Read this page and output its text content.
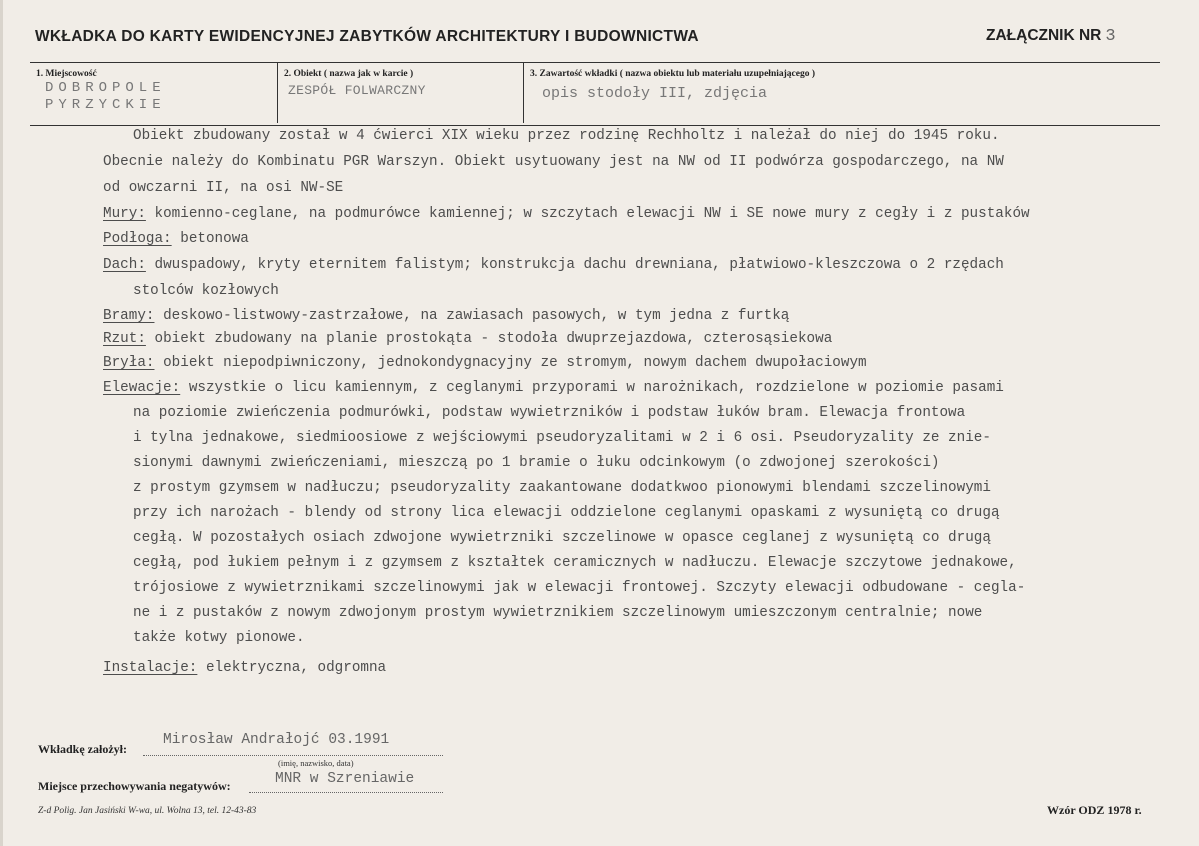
WKŁADKA DO KARTY EWIDENCYJNEJ ZABYTKÓW ARCHITEKTURY I BUDOWNICTWA	ZAŁĄCZNIK NR 3
1. Miejscowość
DOBROPOLE
PYRZYCKIE
2. Obiekt ( nazwa jak w karcie )
ZESPÓŁ FOLWARCZNY
3. Zawartość wkładki ( nazwa obiektu lub materiału uzupełniającego )
opis stodoły III, zdjęcia
Obiekt zbudowany został w 4 ćwierci XIX wieku przez rodzinę Rechholtz i należał do niej do 1945 roku.
Obecnie należy do Kombinatu PGR Warszyn. Obiekt usytuowany jest na NW od II podwórza gospodarczego, na NW
od owczarni II, na osi NW-SE
Mury: komienno-ceglane, na podmurówce kamiennej; w szczytach elewacji NW i SE nowe mury z cegły i z pustaków
Podłoga: betonowa
Dach: dwuspadowy, kryty eternitem falistym; konstrukcja dachu drewniana, płatwiowo-kleszczowa o 2 rzędach
stolców kozłowych
Bramy: deskowo-listwowy-zastrzałowe, na zawiasach pasowych, w tym jedna z furtką
Rzut: obiekt zbudowany na planie prostokąta - stodoła dwuprzejazdowa, czterosąsiekowa
Bryła: obiekt niepodpiwniczony, jednokondygnacyjny ze stromym, nowym dachem dwupołaciowym
Elewacje: wszystkie o licu kamiennym, z ceglanymi przyporami w narożnikach, rozdzielone w poziomie pasami
na poziomie zwieńczenia podmurówki, podstaw wywietrzników i podstaw łuków bram. Elewacja frontowa
i tylna jednakowe, siedmioosiowe z wejściowymi pseudoryzalitami w 2 i 6 osi. Pseudoryzality ze znie-
sionymi dawnymi zwieńczeniami, mieszczą po 1 bramie o łuku odcinkowym (o zdwojonej szerokości)
z prostym gzymsem w nadłuczu; pseudoryzality zaakantowane dodatkwoo pionowymi blendami szczelinowymi
przy ich narożach - blendy od strony lica elewacji oddzielone ceglanymi opaskami z wysuniętą co drugą
cegłą. W pozostałych osiach zdwojone wywietrzniki szczelinowe w opasce ceglanej z wysuniętą co drugą
cegłą, pod łukiem pełnym i z gzymsem z kształtek ceramicznych w nadłuczu. Elewacje szczytowe jednakowe,
trójosiowe z wywietrznikami szczelinowymi jak w elewacji frontowej. Szczyty elewacji odbudowane - cegla-
ne i z pustaków z nowym zdwojonym prostym wywietrznikiem szczelinowym umieszczonym centralnie; nowe
także kotwy pionowe.
Instalacje: elektryczna, odgromna
Wkładkę założył:
Mirosław Andrałojć 03.1991
(imię, nazwisko, data)
Miejsce przechowywania negatywów:	MNR w Szreniawie
Z-d Polig. Jan Jasiński W-wa, ul. Wolna 13, tel. 12-43-83	Wzór ODZ 1978 r.
